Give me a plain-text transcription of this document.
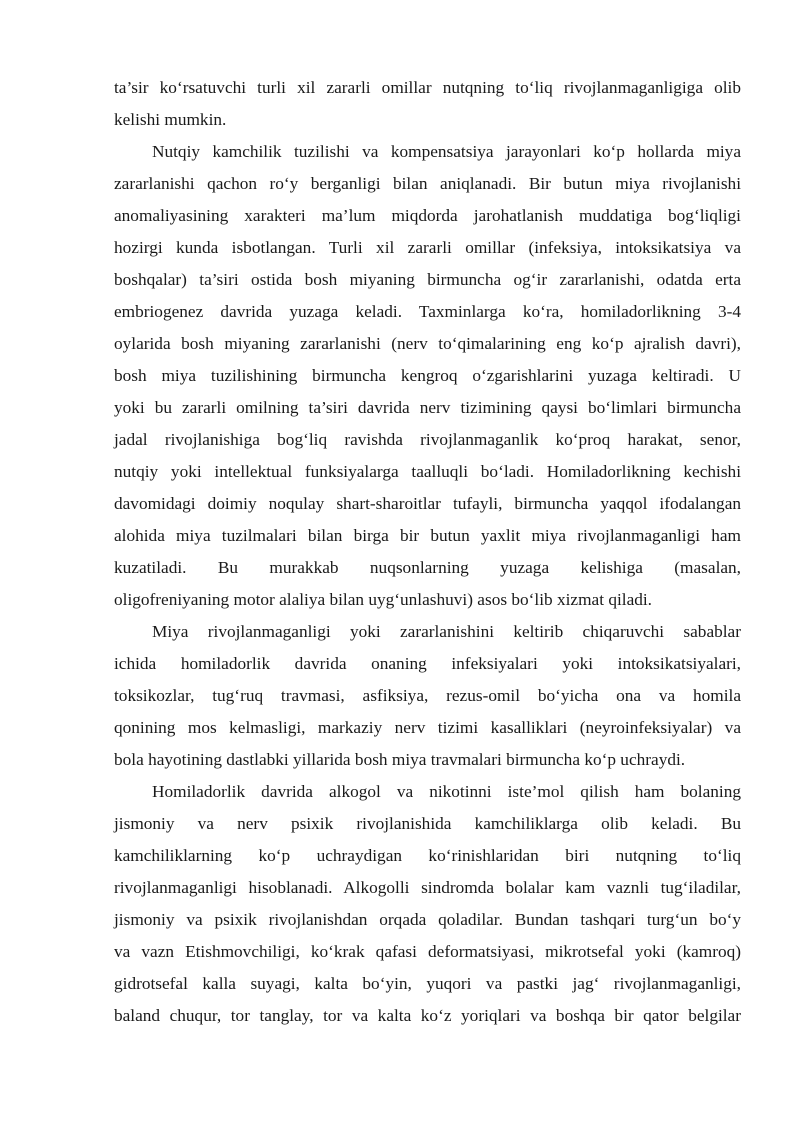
ta’sir ko‘rsatuvchi turli xil zararli omillar nutqning to‘liq rivojlanmaganligiga olib
kelishi mumkin.
Nutqiy kamchilik tuzilishi va kompensatsiya jarayonlari ko‘p hollarda miya
zararlanishi qachon ro‘y berganligi bilan aniqlanadi. Bir butun miya rivojlanishi
anomaliyasining xarakteri ma’lum miqdorda jarohatlanish muddatiga bog‘liqligi
hozirgi kunda isbotlangan. Turli xil zararli omillar (infeksiya, intoksikatsiya va
boshqalar) ta’siri ostida bosh miyaning birmuncha og‘ir zararlanishi, odatda erta
embriogenez davrida yuzaga keladi. Taxminlarga ko‘ra, homiladorlikning 3-4
oylarida bosh miyaning zararlanishi (nerv to‘qimalarining eng ko‘p ajralish davri),
bosh miya tuzilishining birmuncha kengroq o‘zgarishlarini yuzaga keltiradi. U
yoki bu zararli omilning ta’siri davrida nerv tizimining qaysi bo‘limlari birmuncha
jadal rivojlanishiga bog‘liq ravishda rivojlanmaganlik ko‘proq harakat, senor,
nutqiy yoki intellektual funksiyalarga taalluqli bo‘ladi. Homiladorlikning kechishi
davomidagi doimiy noqulay shart-sharoitlar tufayli, birmuncha yaqqol ifodalangan
alohida miya tuzilmalari bilan birga bir butun yaxlit miya rivojlanmaganligi ham
kuzatiladi. Bu murakkab nuqsonlarning yuzaga kelishiga (masalan,
oligofreniyaning motor alaliya bilan uyg‘unlashuvi) asos bo‘lib xizmat qiladi.
Miya rivojlanmaganligi yoki zararlanishini keltirib chiqaruvchi sabablar
ichida homiladorlik davrida onaning infeksiyalari yoki intoksikatsiyalari,
toksikozlar, tug‘ruq travmasi, asfiksiya, rezus-omil bo‘yicha ona va homila
qonining mos kelmasligi, markaziy nerv tizimi kasalliklari (neyroinfeksiyalar) va
bola hayotining dastlabki yillarida bosh miya travmalari birmuncha ko‘p uchraydi.
Homiladorlik davrida alkogol va nikotinni iste’mol qilish ham bolaning
jismoniy va nerv psixik rivojlanishida kamchiliklarga olib keladi. Bu
kamchiliklarning ko‘p uchraydigan ko‘rinishlaridan biri nutqning to‘liq
rivojlanmaganligi hisoblanadi. Alkogolli sindromda bolalar kam vaznli tug‘iladilar,
jismoniy va psixik rivojlanishdan orqada qoladilar. Bundan tashqari turg‘un bo‘y
va vazn Etishmovchiligi, ko‘krak qafasi deformatsiyasi, mikrotsefal yoki (kamroq)
gidrotsefal kalla suyagi, kalta bo‘yin, yuqori va pastki jag‘ rivojlanmaganligi,
baland chuqur, tor tanglay, tor va kalta ko‘z yoriqlari va boshqa bir qator belgilar
